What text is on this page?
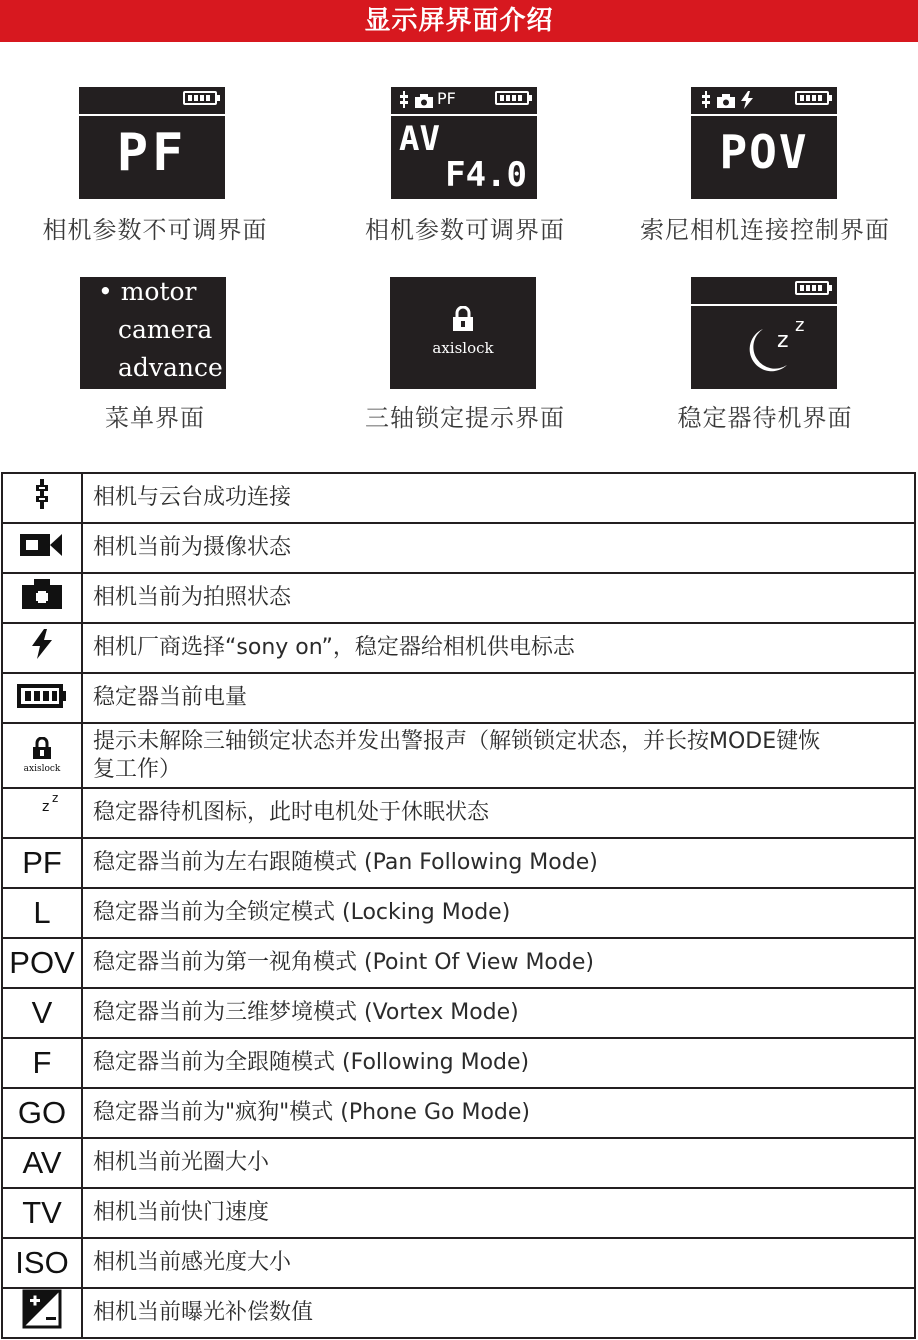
显示屏界面介绍
PF
相机参数不可调界面
PF
AV
F4.0
相机参数可调界面
POV
索尼相机连接控制界面
• motor
camera
advance
菜单界面
axislock
三轴锁定提示界面
z
z
稳定器待机界面
	相机与云台成功连接
	相机当前为摄像状态
	相机当前为拍照状态
	相机厂商选择“sony on”，稳定器给相机供电标志
	稳定器当前电量

axislock	提示未解除三轴锁定状态并发出警报声（解锁锁定状态，并长按MODE键恢复工作）

z
z	稳定器待机图标，此时电机处于休眠状态
PF	稳定器当前为左右跟随模式 (Pan Following Mode)
L	稳定器当前为全锁定模式 (Locking Mode)
POV	稳定器当前为第一视角模式 (Point Of View Mode)
V	稳定器当前为三维梦境模式 (Vortex Mode)
F	稳定器当前为全跟随模式 (Following Mode)
GO	稳定器当前为"疯狗"模式 (Phone Go Mode)
AV	相机当前光圈大小
TV	相机当前快门速度
ISO	相机当前感光度大小
	相机当前曝光补偿数值
